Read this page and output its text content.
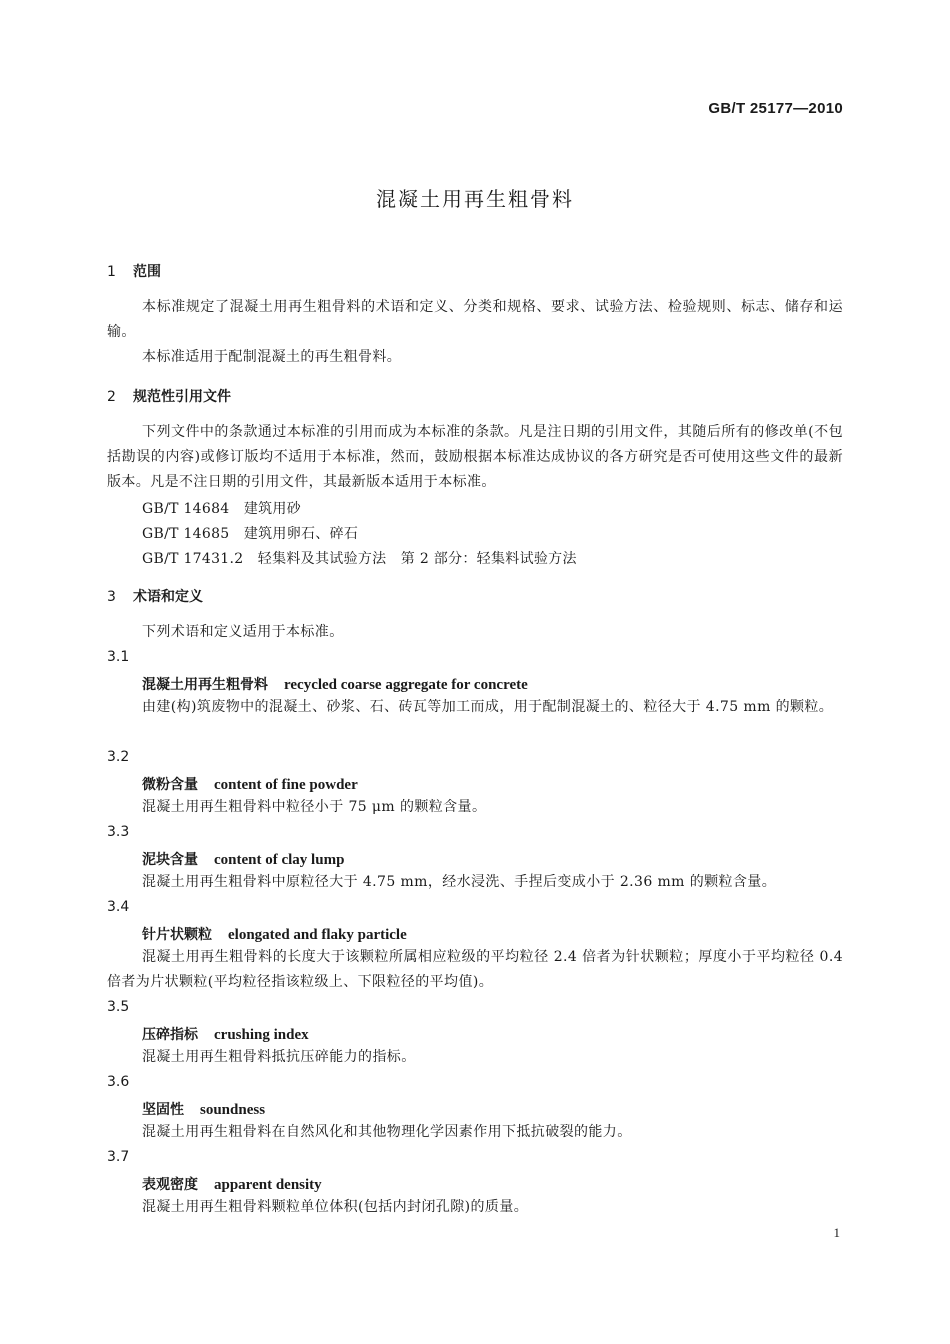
GB/T 25177—2010
混凝土用再生粗骨料
1 范围
本标准规定了混凝土用再生粗骨料的术语和定义、分类和规格、要求、试验方法、检验规则、标志、储存和运输。
本标准适用于配制混凝土的再生粗骨料。
2 规范性引用文件
下列文件中的条款通过本标准的引用而成为本标准的条款。凡是注日期的引用文件，其随后所有的修改单(不包括勘误的内容)或修订版均不适用于本标准，然而，鼓励根据本标准达成协议的各方研究是否可使用这些文件的最新版本。凡是不注日期的引用文件，其最新版本适用于本标准。
GB/T 14684　建筑用砂
GB/T 14685　建筑用卵石、碎石
GB/T 17431.2　轻集料及其试验方法　第 2 部分：轻集料试验方法
3 术语和定义
下列术语和定义适用于本标准。
3.1
混凝土用再生粗骨料 recycled coarse aggregate for concrete
由建(构)筑废物中的混凝土、砂浆、石、砖瓦等加工而成，用于配制混凝土的、粒径大于 4.75 mm 的颗粒。
3.2
微粉含量 content of fine powder
混凝土用再生粗骨料中粒径小于 75 μm 的颗粒含量。
3.3
泥块含量 content of clay lump
混凝土用再生粗骨料中原粒径大于 4.75 mm，经水浸洗、手捏后变成小于 2.36 mm 的颗粒含量。
3.4
针片状颗粒 elongated and flaky particle
混凝土用再生粗骨料的长度大于该颗粒所属相应粒级的平均粒径 2.4 倍者为针状颗粒；厚度小于平均粒径 0.4 倍者为片状颗粒(平均粒径指该粒级上、下限粒径的平均值)。
3.5
压碎指标 crushing index
混凝土用再生粗骨料抵抗压碎能力的指标。
3.6
坚固性 soundness
混凝土用再生粗骨料在自然风化和其他物理化学因素作用下抵抗破裂的能力。
3.7
表观密度 apparent density
混凝土用再生粗骨料颗粒单位体积(包括内封闭孔隙)的质量。
1
